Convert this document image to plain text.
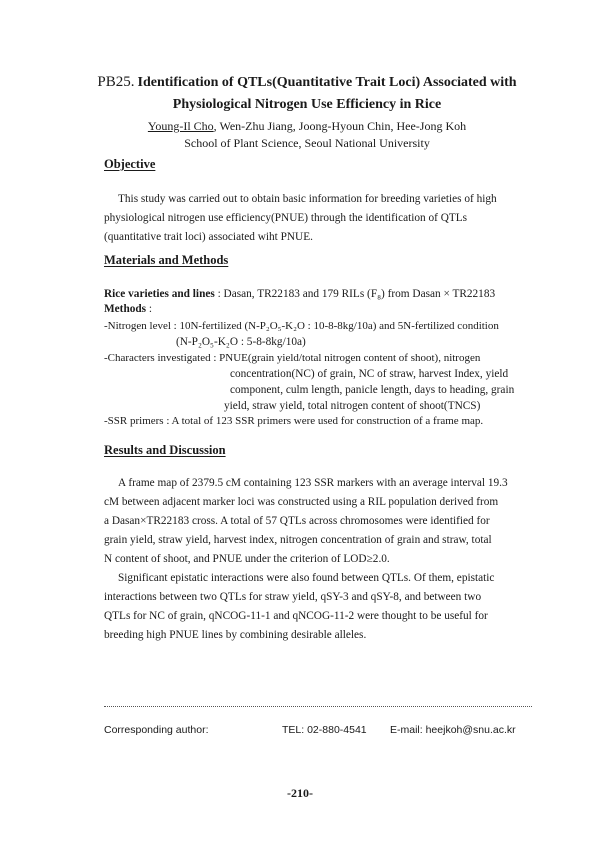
PB25. Identification of QTLs(Quantitative Trait Loci) Associated with
Physiological Nitrogen Use Efficiency in Rice
Young-Il Cho, Wen-Zhu Jiang, Joong-Hyoun Chin, Hee-Jong Koh
School of Plant Science, Seoul National University
Objective
This study was carried out to obtain basic information for breeding varieties of high
physiological nitrogen use efficiency(PNUE) through the identification of QTLs
(quantitative trait loci) associated wiht PNUE.
Materials and Methods
Rice varieties and lines : Dasan, TR22183 and 179 RILs (F₈) from Dasan × TR22183
Methods :
-Nitrogen level : 10N-fertilized (N-P₂O₅-K₂O : 10-8-8kg/10a) and 5N-fertilized condition
(N-P₂O₅-K₂O : 5-8-8kg/10a)
-Characters investigated : PNUE(grain yield/total nitrogen content of shoot), nitrogen
concentration(NC) of grain, NC of straw, harvest Index, yield
component, culm length, panicle length, days to heading, grain
yield, straw yield, total nitrogen content of shoot(TNCS)
-SSR primers : A total of 123 SSR primers were used for construction of a frame map.
Results and Discussion
A frame map of 2379.5 cM containing 123 SSR markers with an average interval 19.3
cM between adjacent marker loci was constructed using a RIL population derived from
a Dasan×TR22183 cross. A total of 57 QTLs across chromosomes were identified for
grain yield, straw yield, harvest index, nitrogen concentration of grain and straw, total
N content of shoot, and PNUE under the criterion of LOD≥2.0.
Significant epistatic interactions were also found between QTLs. Of them, epistatic
interactions between two QTLs for straw yield, qSY-3 and qSY-8, and between two
QTLs for NC of grain, qNCOG-11-1 and qNCOG-11-2 were thought to be useful for
breeding high PNUE lines by combining desirable alleles.
Corresponding author:	TEL: 02-880-4541 E-mail: heejkoh@snu.ac.kr
-210-
